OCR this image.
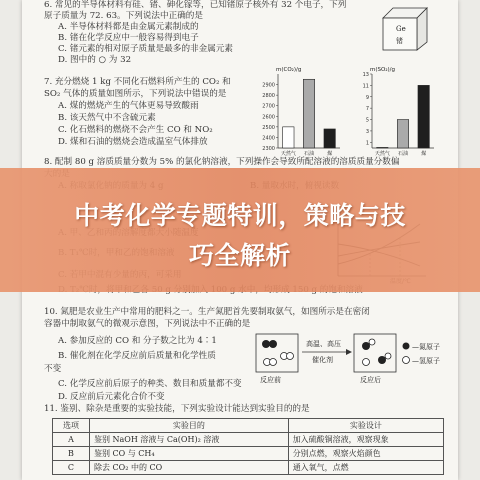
6. 常见的半导体材料有硅、锗、砷化镓等，已知锗原子核外有 32 个电子，下列
原子质量为 72. 63。下列说法中正确的是
A. 半导体材料都是由金属元素制成的
B. 锗在化学反应中一般容易得到电子
C. 锗元素的相对原子质量是最多的非金属元素
D. 图中的 ○ 为 32
Ge
锗
7. 充分燃烧 1 kg 不同化石燃料所产生的 CO₂ 和
SO₂ 气体的质量如图所示，下列说法中错误的是
A. 煤的燃烧产生的气体更易导致酸雨
B. 该天然气中不含硫元素
C. 化石燃料的燃烧不会产生 CO 和 NO₂
D. 煤和石油的燃烧会造成温室气体排放
m(CO₂)/g
2900
2800
2700
2600
2500
2400
2300
天然气 石油	煤
m(SO₂)/g
13
11
9
7
5
3
1
天然气 石油	煤
8. 配制 80 g 溶质质量分数为 5% 的氯化钠溶液，下列操作会导致所配溶液的溶质质量分数偏
中考化学专题特训，策略与技
巧全解析
10. 氮肥是农业生产中常用的肥料之一。生产氮肥首先要制取氨气，如图所示是在密闭
容器中制取氨气的微观示意图，下列说法中不正确的是
A. 参加反应的 CO 和 分子数之比为 4∶1
B. 催化剂在化学反应前后质量和化学性质
不变
C. 化学反应前后原子的种类、数目和质量都不变
D. 反应前后元素化合价不变
高温、高压
催化剂
反应前	反应后
—氮原子
—氢原子
11. 鉴别、除杂是重要的实验技能，下列实验设计能达到实验目的的是
选项	实验目的	实验设计
A	鉴别 NaOH 溶液与 Ca(OH)₂ 溶液	加入硫酸铜溶液，观察现象
B	鉴别 CO 与 CH₄	分别点燃，观察火焰颜色
C	除去 CO₂ 中的 CO	通入氧气，点燃
